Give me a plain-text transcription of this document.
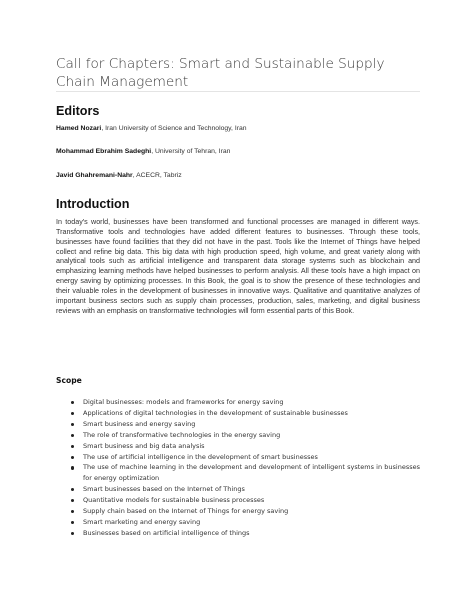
Call for Chapters: Smart and Sustainable Supply Chain Management
Editors
Hamed Nozari, Iran University of Science and Technology, Iran
Mohammad Ebrahim Sadeghi, University of Tehran, Iran
Javid Ghahremani-Nahr, ACECR, Tabriz
Introduction

In today's world, businesses have been transformed and functional processes are managed in different ways. Transformative tools and technologies have added different features to businesses. Through these tools, businesses have found facilities that they did not have in the past. Tools like the Internet of Things have helped collect and refine big data. This big data with high production speed, high volume, and great variety along with analytical tools such as artificial intelligence and transparent data storage systems such as blockchain and emphasizing learning methods have helped businesses to perform analysis. All these tools have a high impact on energy saving by optimizing processes. In this Book, the goal is to show the presence of these technologies and their valuable roles in the development of businesses in innovative ways. Qualitative and quantitative analyzes of important business sectors such as supply chain processes, production, sales, marketing, and digital business reviews with an emphasis on transformative technologies will form essential parts of this Book.

Scope
Digital businesses: models and frameworks for energy saving
Applications of digital technologies in the development of sustainable businesses
Smart business and energy saving
The role of transformative technologies in the energy saving
Smart business and big data analysis
The use of artificial intelligence in the development of smart businesses
The use of machine learning in the development and development of intelligent systems in businesses for energy optimization
Smart businesses based on the Internet of Things
Quantitative models for sustainable business processes
Supply chain based on the Internet of Things for energy saving
Smart marketing and energy saving
Businesses based on artificial intelligence of things
